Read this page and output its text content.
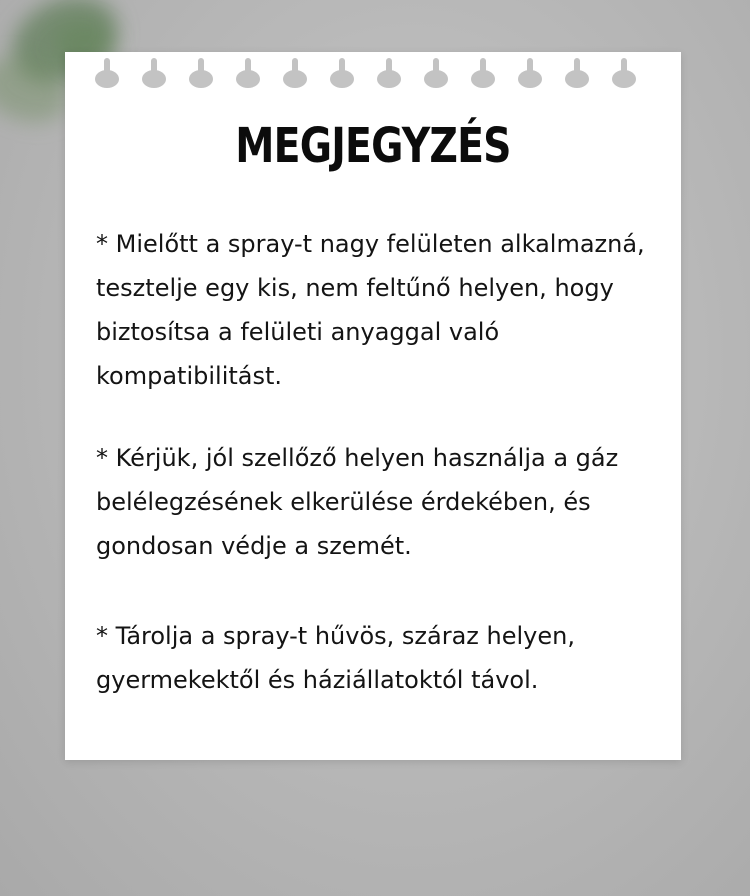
MEGJEGYZÉS

* Mielőtt a spray-t nagy felületen alkalmazná, tesztelje egy kis, nem feltűnő helyen, hogy biztosítsa a felületi anyaggal való kompatibilitást.

* Kérjük, jól szellőző helyen használja a gáz belélegzésének elkerülése érdekében, és gondosan védje a szemét.

* Tárolja a spray-t hűvös, száraz helyen, gyermekektől és háziállatoktól távol.
